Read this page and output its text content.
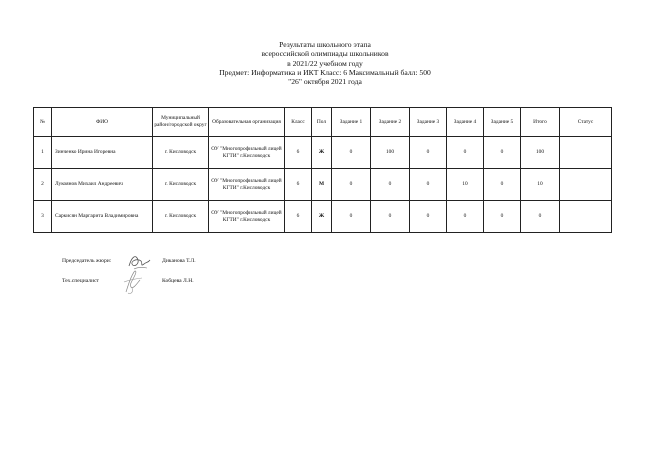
Результаты школьного этапа
всероссийской олимпиады школьников
в 2021/22 учебном году
Предмет: Информатика и ИКТ Класс: 6 Максимальный балл: 500
"26" октября 2021 года
№	ФИО	Муниципальный район/городской округ	Образовательная организация	Класс	Пол	Задание 1	Задание 2	Задание 3	Задание 4	Задание 5	Итого	Статус
1	Зинченко Ирина Игоревна	г. Кисловодск	ОУ "Многопрофильный лицей КГТИ" г.Кисловодск	6	Ж	0	100	0	0	0	100	
2	Лукоянов Михаил Андреевич	г. Кисловодск	ОУ "Многопрофильный лицей КГТИ" г.Кисловодск	6	М	0	0	0	10	0	10	
3	Саркисян Маргарита Владимировна	г. Кисловодск	ОУ "Многопрофильный лицей КГТИ" г.Кисловодск	6	Ж	0	0	0	0	0	0	
Председатель жюри:	Диканова Т.Л.
Тех.специалист	Кобцева Л.Н.
